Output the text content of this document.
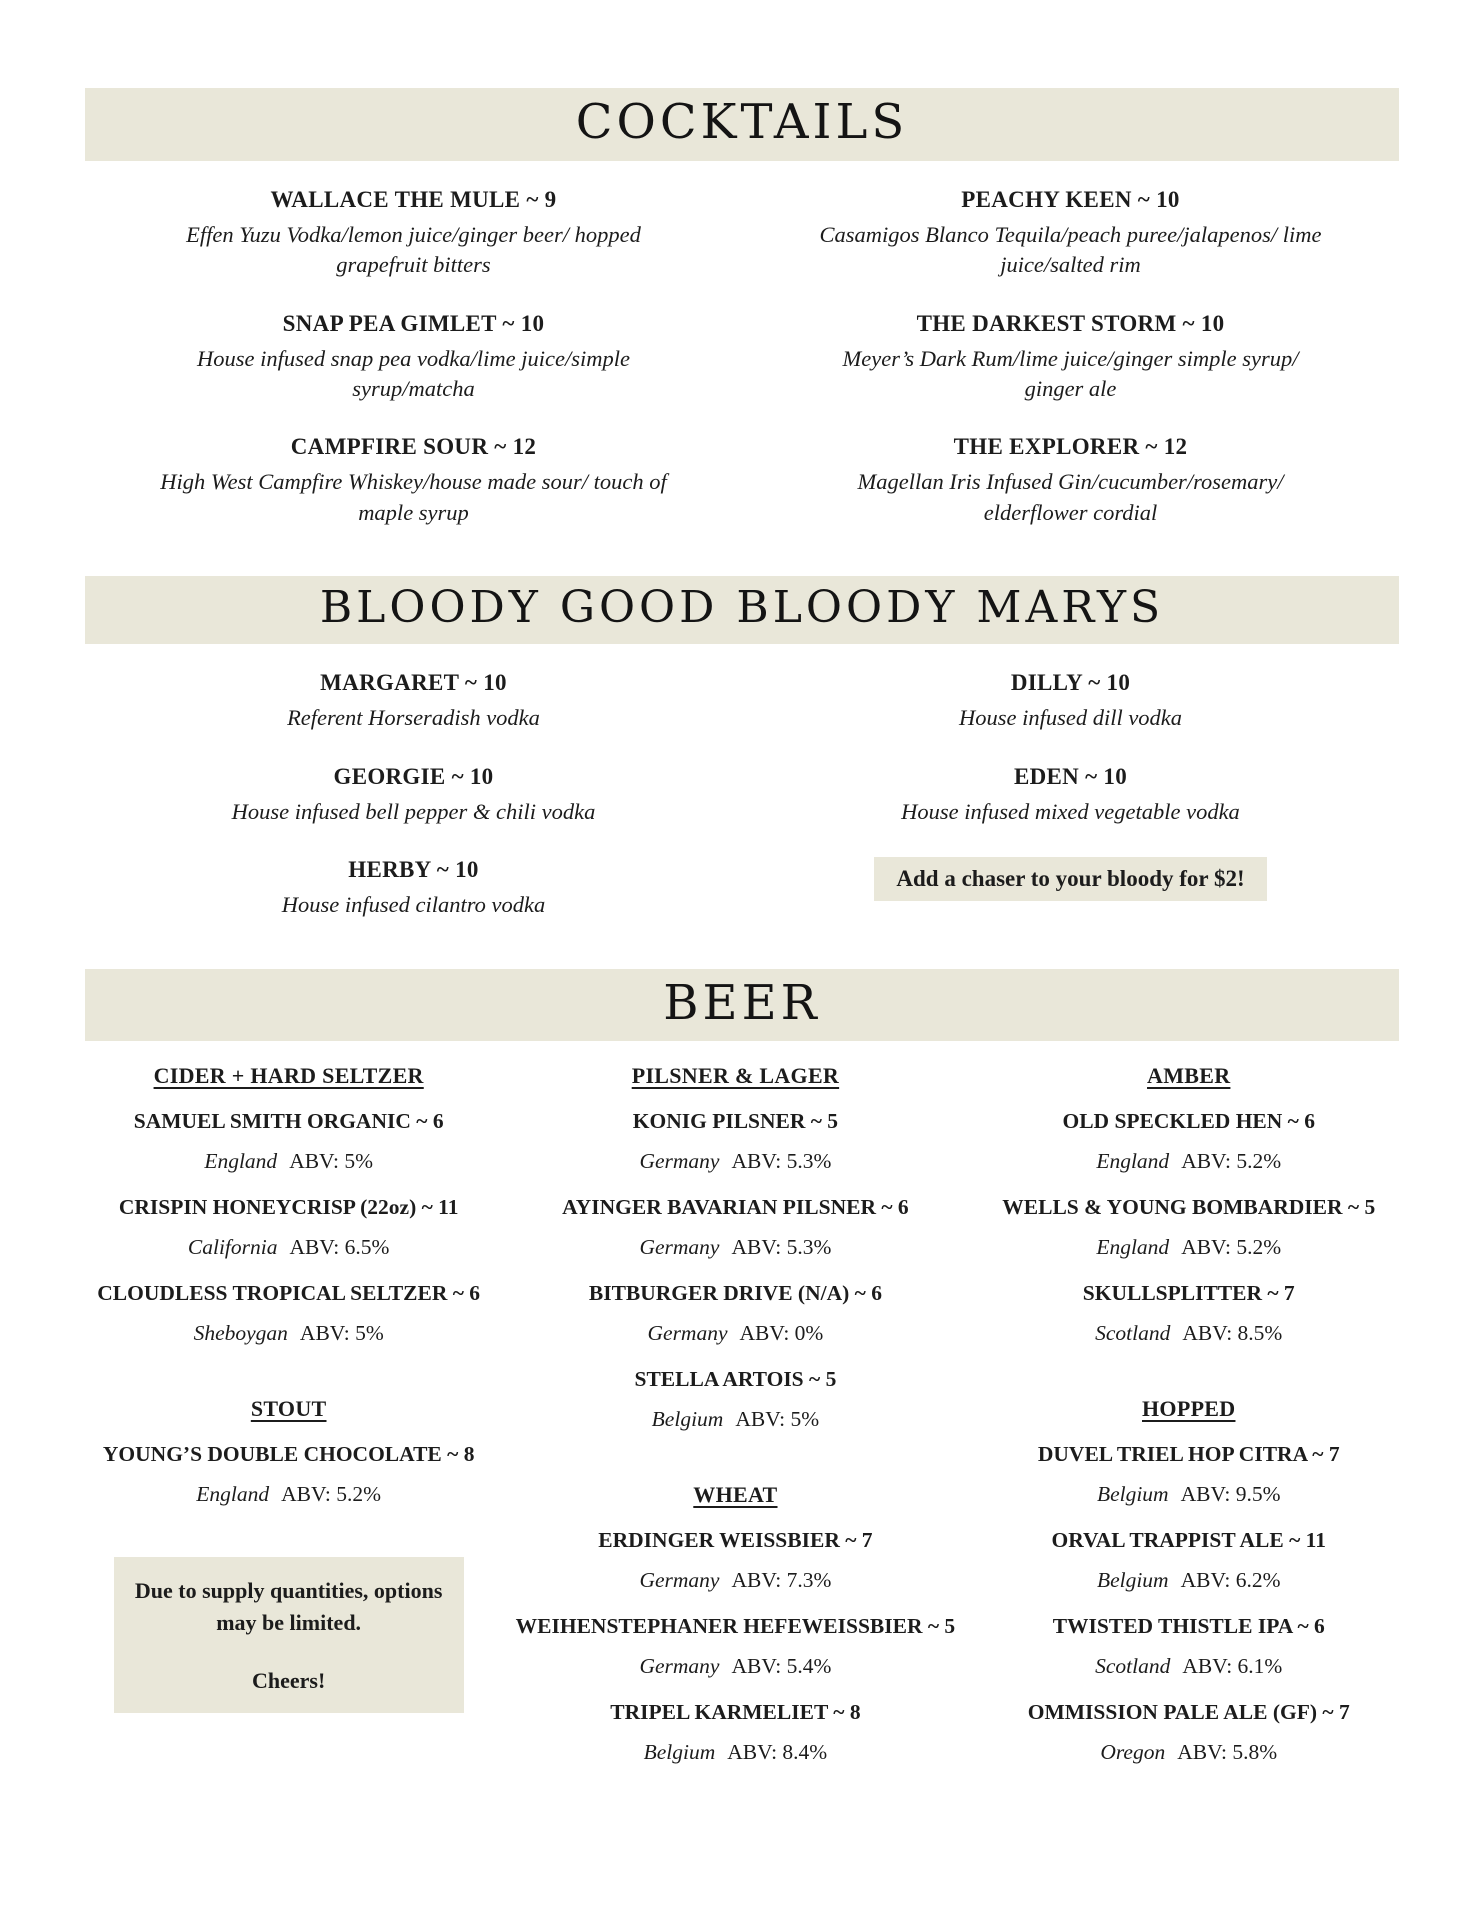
COCKTAILS
WALLACE THE MULE ~ 9
Effen Yuzu Vodka/lemon juice/ginger beer/ hopped grapefruit bitters
SNAP PEA GIMLET ~ 10
House infused snap pea vodka/lime juice/simple syrup/matcha
CAMPFIRE SOUR ~ 12
High West Campfire Whiskey/house made sour/ touch of maple syrup
PEACHY KEEN ~ 10
Casamigos Blanco Tequila/peach puree/jalapenos/ lime juice/salted rim
THE DARKEST STORM ~ 10
Meyer’s Dark Rum/lime juice/ginger simple syrup/ ginger ale
THE EXPLORER ~ 12
Magellan Iris Infused Gin/cucumber/rosemary/ elderflower cordial
BLOODY GOOD BLOODY MARYS
MARGARET ~ 10
Referent Horseradish vodka
GEORGIE ~ 10
House infused bell pepper & chili vodka
HERBY ~ 10
House infused cilantro vodka
DILLY ~ 10
House infused dill vodka
EDEN ~ 10
House infused mixed vegetable vodka
Add a chaser to your bloody for $2!
BEER
CIDER + HARD SELTZER
SAMUEL SMITH ORGANIC ~ 6
England ABV: 5%
CRISPIN HONEYCRISP (22oz) ~ 11
California ABV: 6.5%
CLOUDLESS TROPICAL SELTZER ~ 6
Sheboygan ABV: 5%
STOUT
YOUNG’S DOUBLE CHOCOLATE ~ 8
England ABV: 5.2%
Due to supply quantities, options may be limited.
Cheers!
PILSNER & LAGER
KONIG PILSNER ~ 5
Germany ABV: 5.3%
AYINGER BAVARIAN PILSNER ~ 6
Germany ABV: 5.3%
BITBURGER DRIVE (N/A) ~ 6
Germany ABV: 0%
STELLA ARTOIS ~ 5
Belgium ABV: 5%
WHEAT
ERDINGER WEISSBIER ~ 7
Germany ABV: 7.3%
WEIHENSTEPHANER HEFEWEISSBIER ~ 5
Germany ABV: 5.4%
TRIPEL KARMELIET ~ 8
Belgium ABV: 8.4%
AMBER
OLD SPECKLED HEN ~ 6
England ABV: 5.2%
WELLS & YOUNG BOMBARDIER ~ 5
England ABV: 5.2%
SKULLSPLITTER ~ 7
Scotland ABV: 8.5%
HOPPED
DUVEL TRIEL HOP CITRA ~ 7
Belgium ABV: 9.5%
ORVAL TRAPPIST ALE ~ 11
Belgium ABV: 6.2%
TWISTED THISTLE IPA ~ 6
Scotland ABV: 6.1%
OMMISSION PALE ALE (GF) ~ 7
Oregon ABV: 5.8%
